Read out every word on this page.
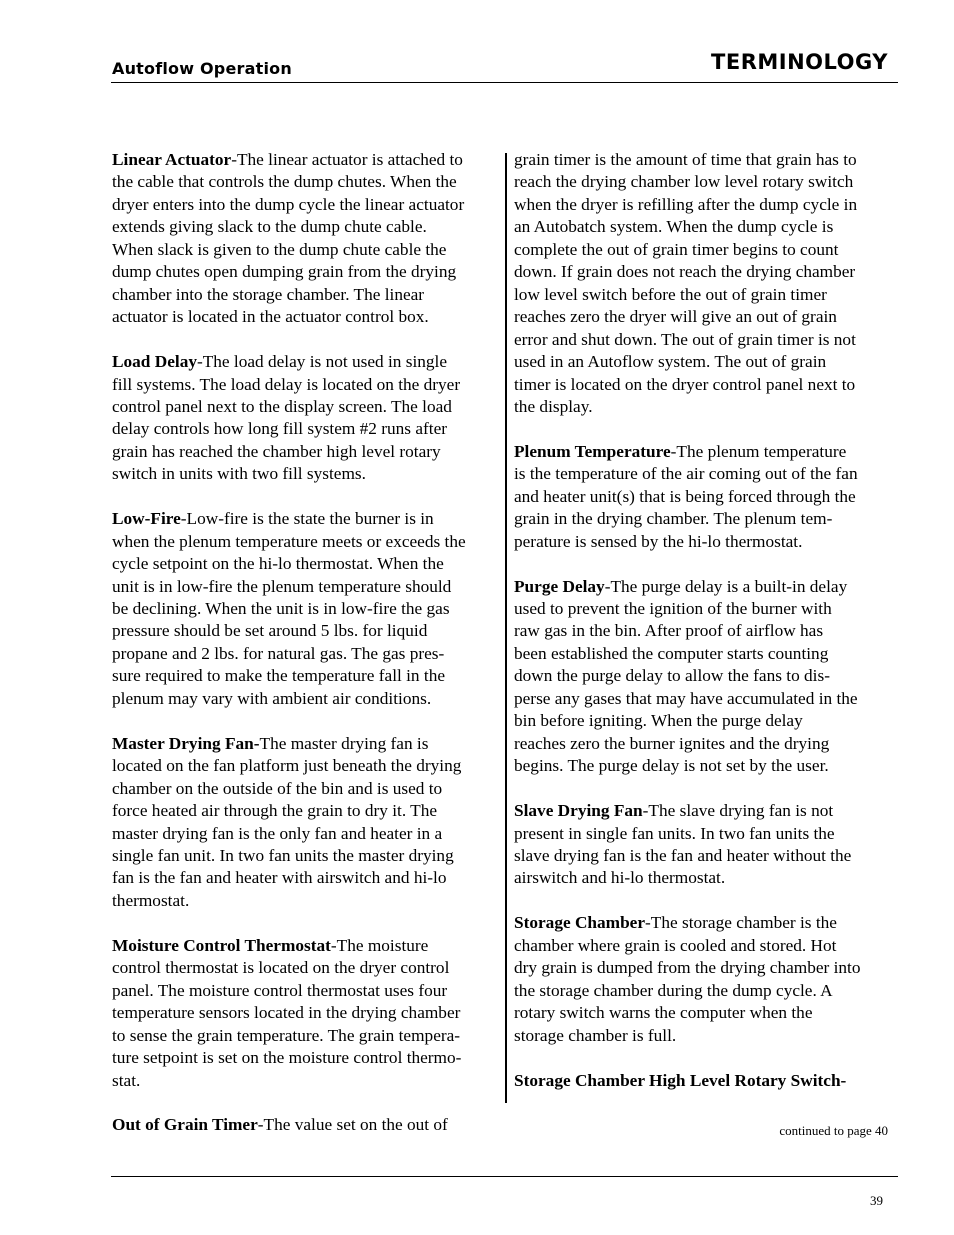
Autoflow Operation	TERMINOLOGY

Linear Actuator-The linear actuator is attached to
the cable that controls the dump chutes. When the
dryer enters into the dump cycle the linear actuator
extends giving slack to the dump chute cable.
When slack is given to the dump chute cable the
dump chutes open dumping grain from the drying
chamber into the storage chamber. The linear
actuator is located in the actuator control box.

Load Delay-The load delay is not used in single
fill systems. The load delay is located on the dryer
control panel next to the display screen. The load
delay controls how long fill system #2 runs after
grain has reached the chamber high level rotary
switch in units with two fill systems.

Low-Fire-Low-fire is the state the burner is in
when the plenum temperature meets or exceeds the
cycle setpoint on the hi-lo thermostat. When the
unit is in low-fire the plenum temperature should
be declining. When the unit is in low-fire the gas
pressure should be set around 5 lbs. for liquid
propane and 2 lbs. for natural gas. The gas pres-
sure required to make the temperature fall in the
plenum may vary with ambient air conditions.

Master Drying Fan-The master drying fan is
located on the fan platform just beneath the drying
chamber on the outside of the bin and is used to
force heated air through the grain to dry it. The
master drying fan is the only fan and heater in a
single fan unit. In two fan units the master drying
fan is the fan and heater with airswitch and hi-lo
thermostat.

Moisture Control Thermostat-The moisture
control thermostat is located on the dryer control
panel. The moisture control thermostat uses four
temperature sensors located in the drying chamber
to sense the grain temperature. The grain tempera-
ture setpoint is set on the moisture control thermo-
stat.

Out of Grain Timer-The value set on the out of

grain timer is the amount of time that grain has to
reach the drying chamber low level rotary switch
when the dryer is refilling after the dump cycle in
an Autobatch system. When the dump cycle is
complete the out of grain timer begins to count
down. If grain does not reach the drying chamber
low level switch before the out of grain timer
reaches zero the dryer will give an out of grain
error and shut down. The out of grain timer is not
used in an Autoflow system. The out of grain
timer is located on the dryer control panel next to
the display.

Plenum Temperature-The plenum temperature
is the temperature of the air coming out of the fan
and heater unit(s) that is being forced through the
grain in the drying chamber. The plenum tem-
perature is sensed by the hi-lo thermostat.

Purge Delay-The purge delay is a built-in delay
used to prevent the ignition of the burner with
raw gas in the bin. After proof of airflow has
been established the computer starts counting
down the purge delay to allow the fans to dis-
perse any gases that may have accumulated in the
bin before igniting. When the purge delay
reaches zero the burner ignites and the drying
begins. The purge delay is not set by the user.

Slave Drying Fan-The slave drying fan is not
present in single fan units. In two fan units the
slave drying fan is the fan and heater without the
airswitch and hi-lo thermostat.

Storage Chamber-The storage chamber is the
chamber where grain is cooled and stored. Hot
dry grain is dumped from the drying chamber into
the storage chamber during the dump cycle. A
rotary switch warns the computer when the
storage chamber is full.

Storage Chamber High Level Rotary Switch-

continued to page 40
39
